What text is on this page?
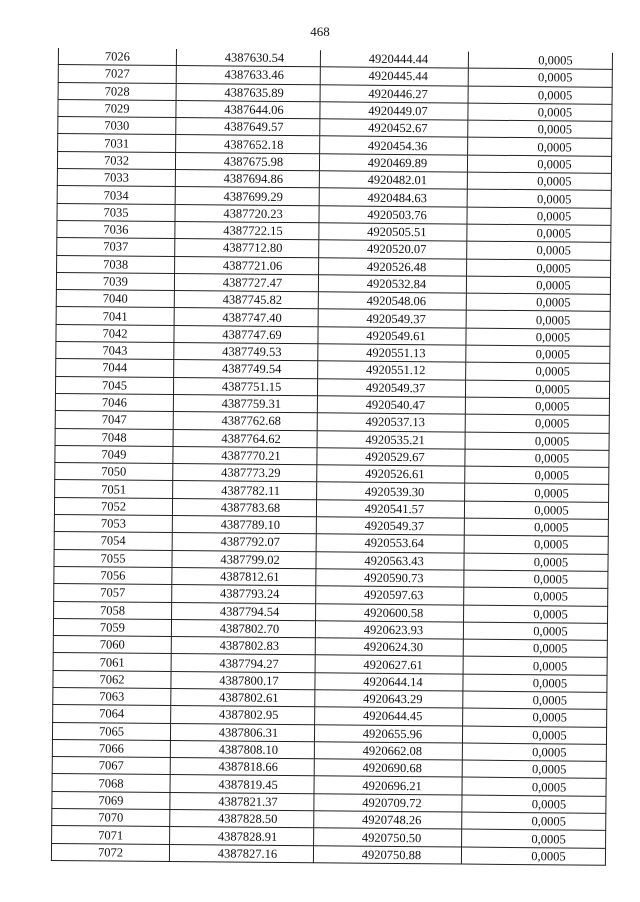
468
7026	4387630.54	4920444.44	0,0005
7027	4387633.46	4920445.44	0,0005
7028	4387635.89	4920446.27	0,0005
7029	4387644.06	4920449.07	0,0005
7030	4387649.57	4920452.67	0,0005
7031	4387652.18	4920454.36	0,0005
7032	4387675.98	4920469.89	0,0005
7033	4387694.86	4920482.01	0,0005
7034	4387699.29	4920484.63	0,0005
7035	4387720.23	4920503.76	0,0005
7036	4387722.15	4920505.51	0,0005
7037	4387712.80	4920520.07	0,0005
7038	4387721.06	4920526.48	0,0005
7039	4387727.47	4920532.84	0,0005
7040	4387745.82	4920548.06	0,0005
7041	4387747.40	4920549.37	0,0005
7042	4387747.69	4920549.61	0,0005
7043	4387749.53	4920551.13	0,0005
7044	4387749.54	4920551.12	0,0005
7045	4387751.15	4920549.37	0,0005
7046	4387759.31	4920540.47	0,0005
7047	4387762.68	4920537.13	0,0005
7048	4387764.62	4920535.21	0,0005
7049	4387770.21	4920529.67	0,0005
7050	4387773.29	4920526.61	0,0005
7051	4387782.11	4920539.30	0,0005
7052	4387783.68	4920541.57	0,0005
7053	4387789.10	4920549.37	0,0005
7054	4387792.07	4920553.64	0,0005
7055	4387799.02	4920563.43	0,0005
7056	4387812.61	4920590.73	0,0005
7057	4387793.24	4920597.63	0,0005
7058	4387794.54	4920600.58	0,0005
7059	4387802.70	4920623.93	0,0005
7060	4387802.83	4920624.30	0,0005
7061	4387794.27	4920627.61	0,0005
7062	4387800.17	4920644.14	0,0005
7063	4387802.61	4920643.29	0,0005
7064	4387802.95	4920644.45	0,0005
7065	4387806.31	4920655.96	0,0005
7066	4387808.10	4920662.08	0,0005
7067	4387818.66	4920690.68	0,0005
7068	4387819.45	4920696.21	0,0005
7069	4387821.37	4920709.72	0,0005
7070	4387828.50	4920748.26	0,0005
7071	4387828.91	4920750.50	0,0005
7072	4387827.16	4920750.88	0,0005
